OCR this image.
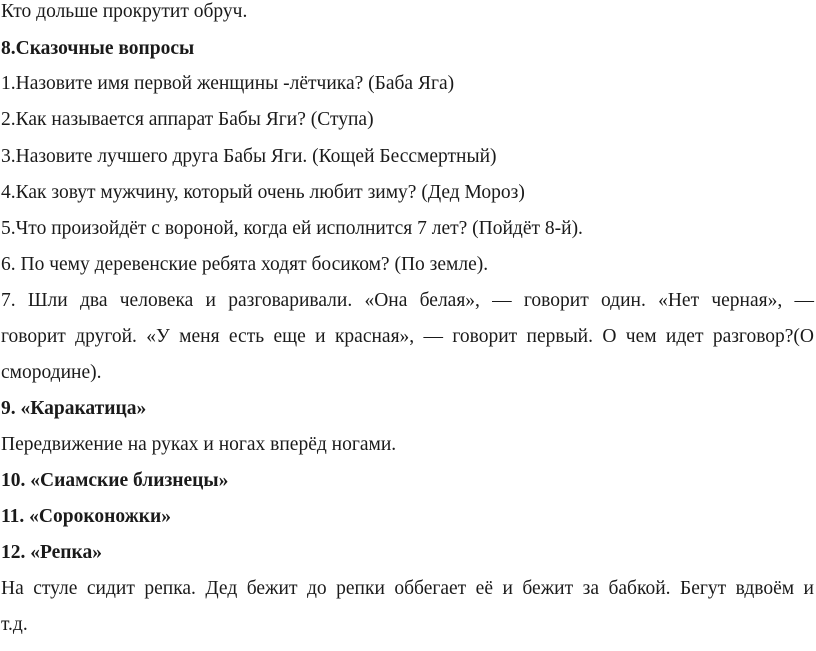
Кто дольше прокрутит обруч.
8.Сказочные вопросы
1.Назовите имя первой женщины -лётчика? (Баба Яга)
2.Как называется аппарат Бабы Яги? (Ступа)
3.Назовите лучшего друга Бабы Яги. (Кощей Бессмертный)
4.Как зовут мужчину, который очень любит зиму? (Дед Мороз)
5.Что произойдёт с вороной, когда ей исполнится 7 лет? (Пойдёт 8-й).
6. По чему деревенские ребята ходят босиком? (По земле).
7. Шли два человека и разговаривали. «Она белая», — говорит один. «Нет черная», —
говорит другой. «У меня есть еще и красная», — говорит первый. О чем идет разговор?(О
смородине).
9. «Каракатица»
Передвижение на руках и ногах вперёд ногами.
10. «Сиамские близнецы»
11. «Сороконожки»
12. «Репка»
На стуле сидит репка. Дед бежит до репки оббегает её и бежит за бабкой. Бегут вдвоём и
т.д.
